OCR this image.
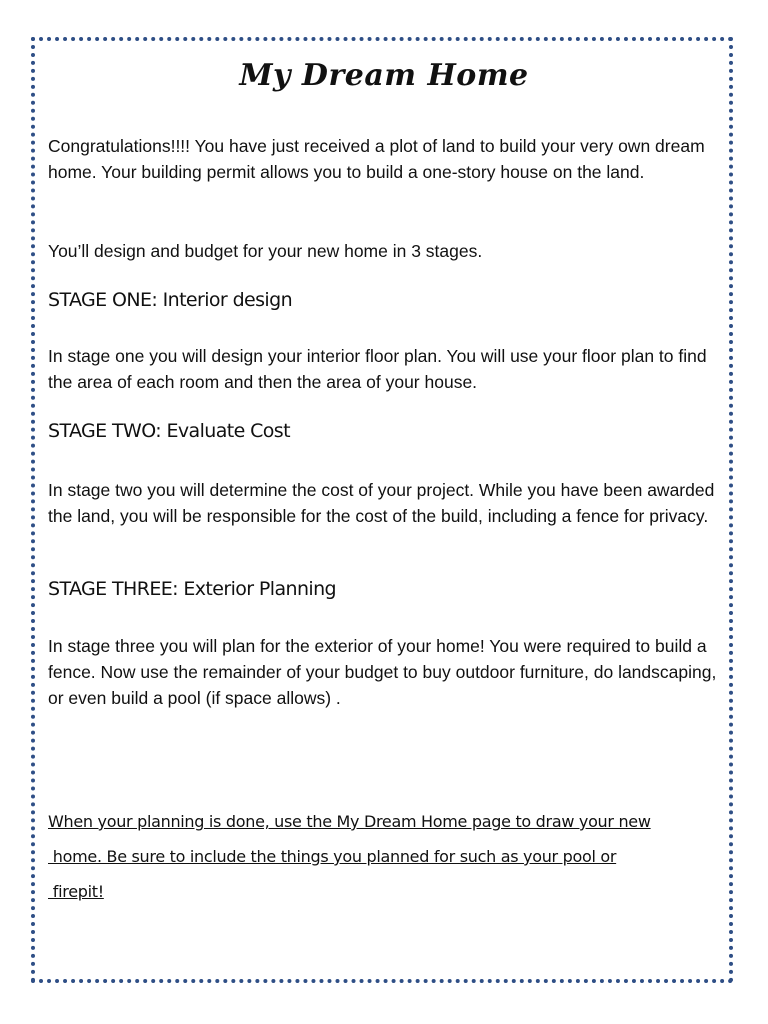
My Dream Home

Congratulations!!!! You have just received a plot of land to build your very own dream home. Your building permit allows you to build a one-story house on the land.

You’ll design and budget for your new home in 3 stages.

STAGE ONE: Interior design

In stage one you will design your interior floor plan. You will use your floor plan to find the area of each room and then the area of your house.

STAGE TWO: Evaluate Cost

In stage two you will determine the cost of your project. While you have been awarded the land, you will be responsible for the cost of the build, including a fence for privacy.

STAGE THREE: Exterior Planning

In stage three you will plan for the exterior of your home! You were required to build a fence. Now use the remainder of your budget to buy outdoor furniture, do landscaping, or even build a pool (if space allows) .

When your planning is done, use the My Dream Home page to draw your new

home. Be sure to include the things you planned for such as your pool or

firepit!
